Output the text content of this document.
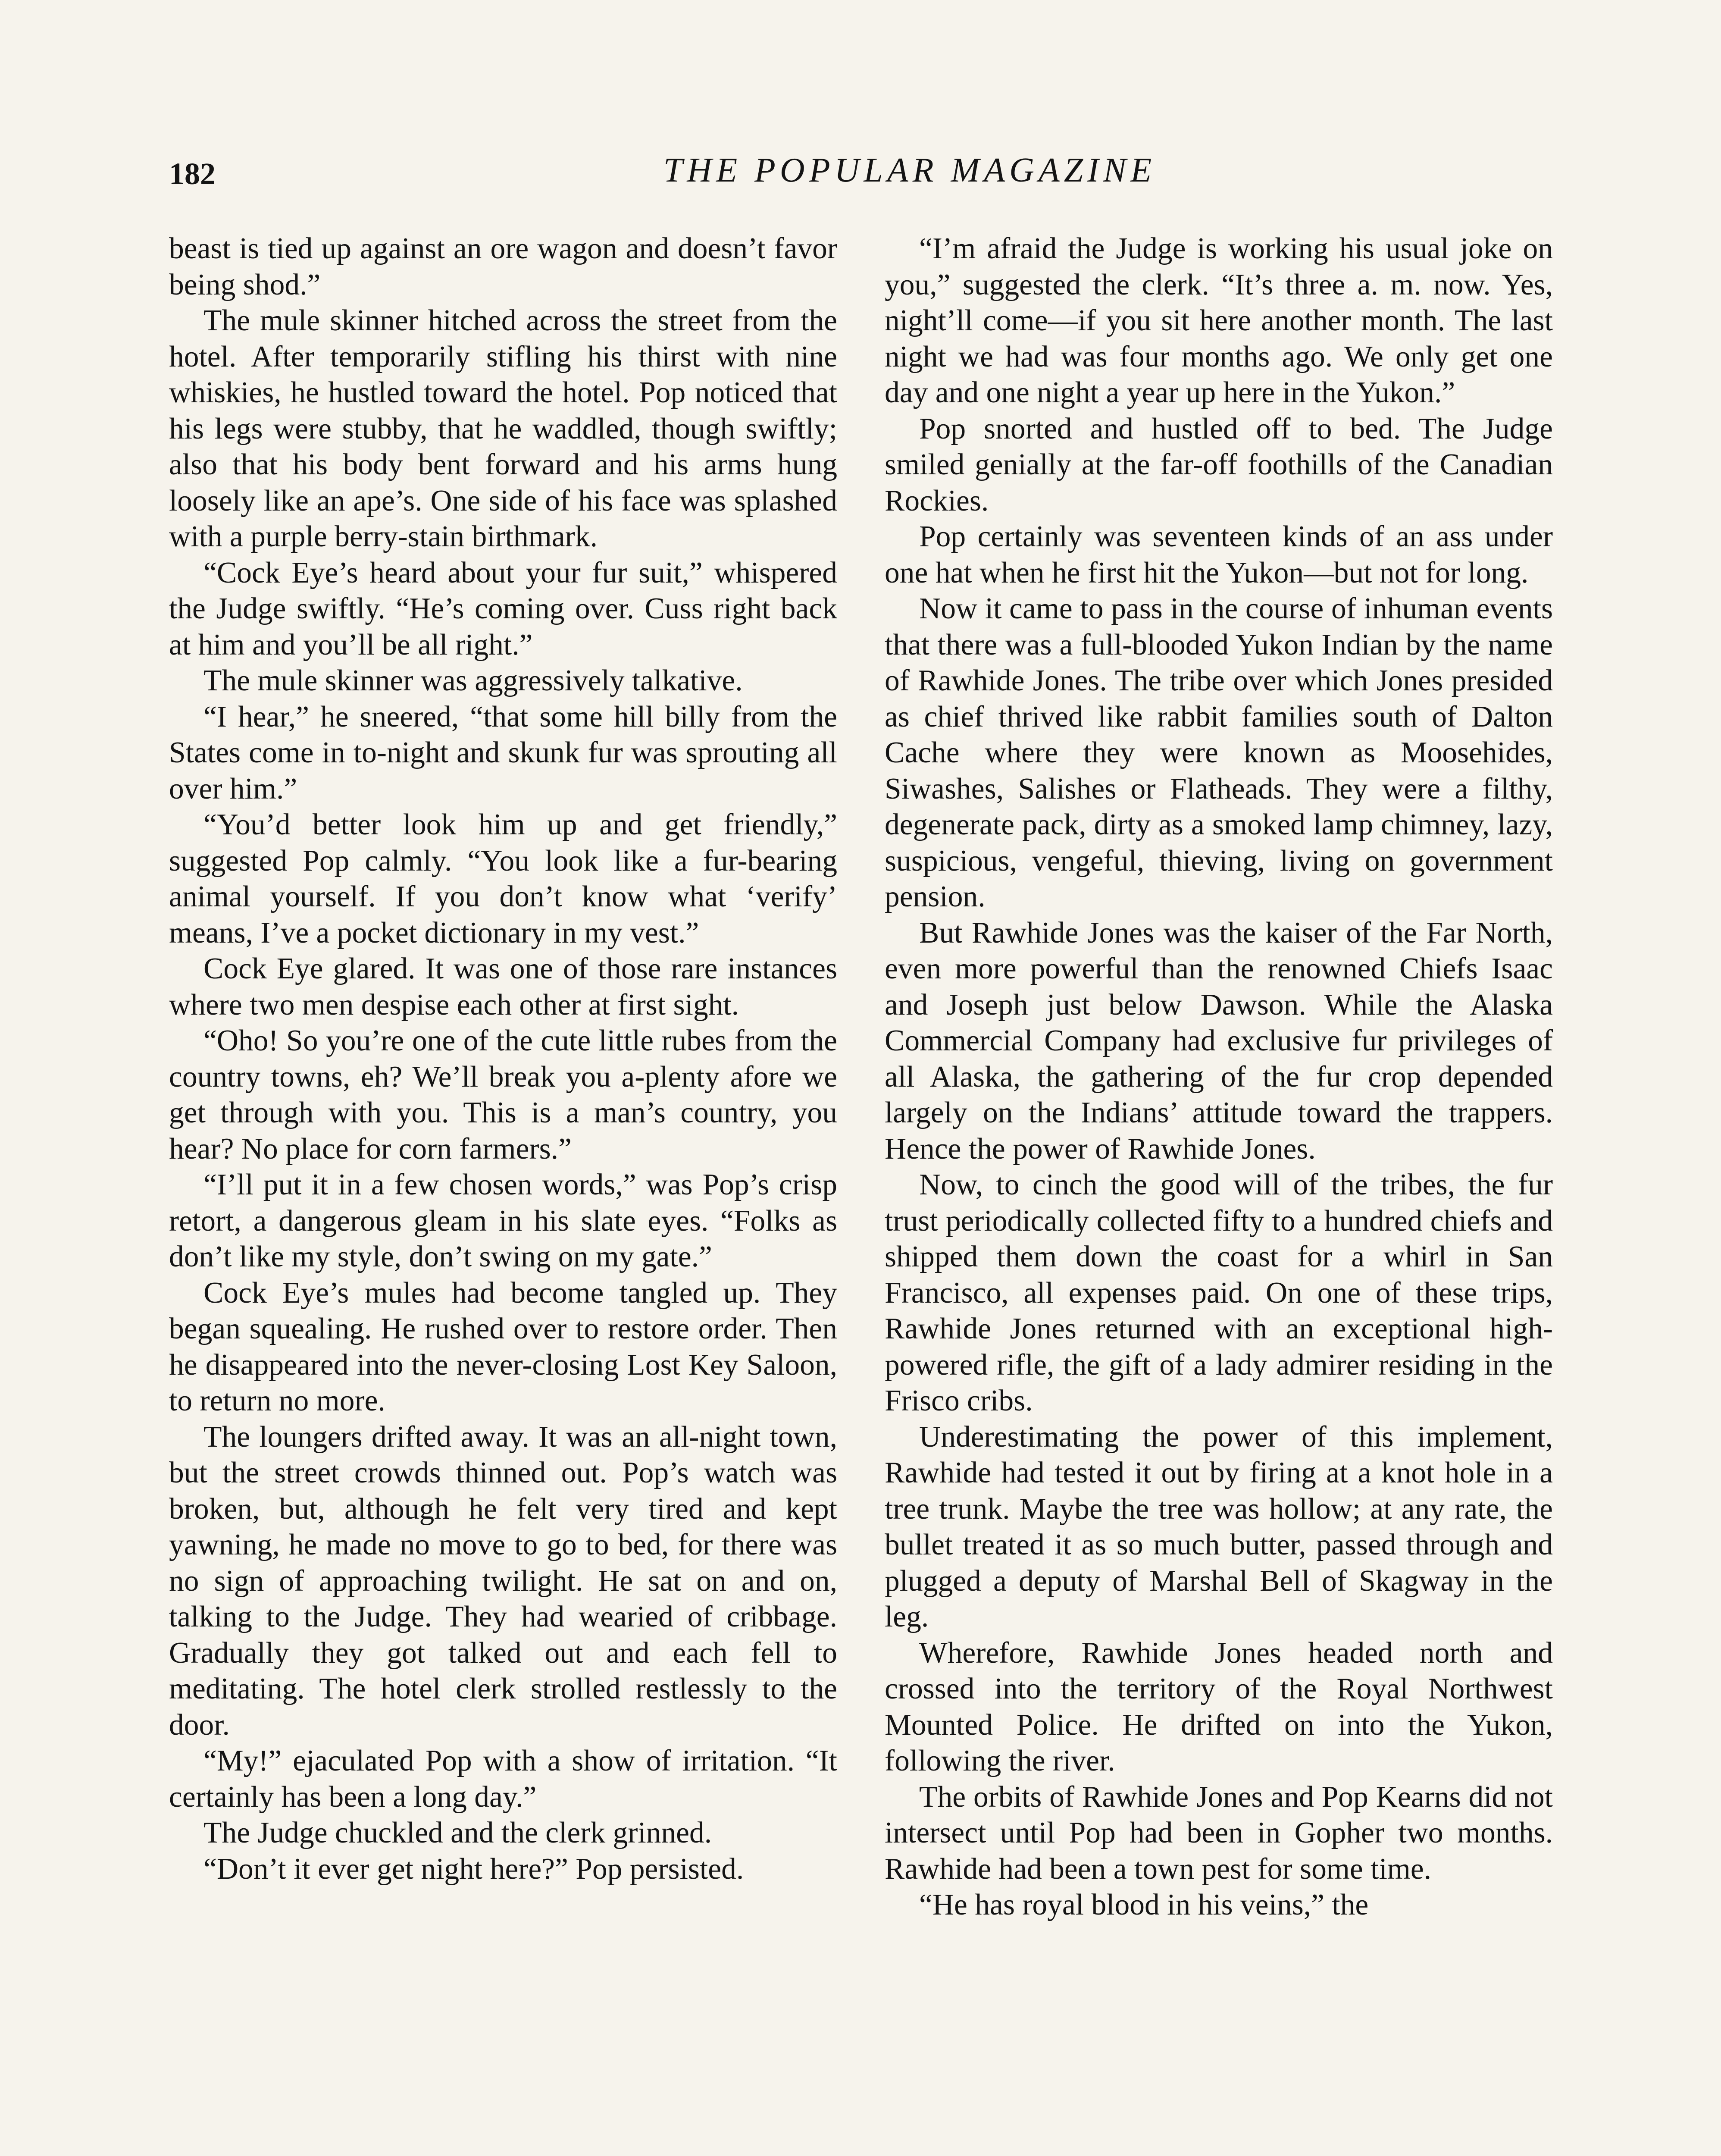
182	THE POPULAR MAGAZINE

beast is tied up against an ore wagon and doesn’t favor being shod.”

The mule skinner hitched across the street from the hotel. After temporarily stifling his thirst with nine whiskies, he hustled toward the hotel. Pop noticed that his legs were stubby, that he waddled, though swiftly; also that his body bent forward and his arms hung loosely like an ape’s. One side of his face was splashed with a purple berry-stain birthmark.

“Cock Eye’s heard about your fur suit,” whispered the Judge swiftly. “He’s coming over. Cuss right back at him and you’ll be all right.”

The mule skinner was aggressively talkative.

“I hear,” he sneered, “that some hill billy from the States come in to-night and skunk fur was sprouting all over him.”

“You’d better look him up and get friendly,” suggested Pop calmly. “You look like a fur-bearing animal yourself. If you don’t know what ‘verify’ means, I’ve a pocket dictionary in my vest.”

Cock Eye glared. It was one of those rare instances where two men despise each other at first sight.

“Oho! So you’re one of the cute little rubes from the country towns, eh? We’ll break you a-plenty afore we get through with you. This is a man’s country, you hear? No place for corn farmers.”

“I’ll put it in a few chosen words,” was Pop’s crisp retort, a dangerous gleam in his slate eyes. “Folks as don’t like my style, don’t swing on my gate.”

Cock Eye’s mules had become tangled up. They began squealing. He rushed over to restore order. Then he disappeared into the never-closing Lost Key Saloon, to return no more.

The loungers drifted away. It was an all-night town, but the street crowds thinned out. Pop’s watch was broken, but, although he felt very tired and kept yawning, he made no move to go to bed, for there was no sign of approaching twilight. He sat on and on, talking to the Judge. They had wearied of cribbage. Gradually they got talked out and each fell to meditating. The hotel clerk strolled restlessly to the door.

“My!” ejaculated Pop with a show of irritation. “It certainly has been a long day.”

The Judge chuckled and the clerk grinned.

“Don’t it ever get night here?” Pop persisted.

“I’m afraid the Judge is working his usual joke on you,” suggested the clerk. “It’s three a. m. now. Yes, night’ll come—if you sit here another month. The last night we had was four months ago. We only get one day and one night a year up here in the Yukon.”

Pop snorted and hustled off to bed. The Judge smiled genially at the far-off foothills of the Canadian Rockies.

Pop certainly was seventeen kinds of an ass under one hat when he first hit the Yukon—but not for long.

Now it came to pass in the course of inhuman events that there was a full-blooded Yukon Indian by the name of Rawhide Jones. The tribe over which Jones presided as chief thrived like rabbit families south of Dalton Cache where they were known as Moosehides, Siwashes, Salishes or Flatheads. They were a filthy, degenerate pack, dirty as a smoked lamp chimney, lazy, suspicious, vengeful, thieving, living on government pension.

But Rawhide Jones was the kaiser of the Far North, even more powerful than the renowned Chiefs Isaac and Joseph just below Dawson. While the Alaska Commercial Company had exclusive fur privileges of all Alaska, the gathering of the fur crop depended largely on the Indians’ attitude toward the trappers. Hence the power of Rawhide Jones.

Now, to cinch the good will of the tribes, the fur trust periodically collected fifty to a hundred chiefs and shipped them down the coast for a whirl in San Francisco, all expenses paid. On one of these trips, Rawhide Jones returned with an exceptional high-powered rifle, the gift of a lady admirer residing in the Frisco cribs.

Underestimating the power of this implement, Rawhide had tested it out by firing at a knot hole in a tree trunk. Maybe the tree was hollow; at any rate, the bullet treated it as so much butter, passed through and plugged a deputy of Marshal Bell of Skagway in the leg.

Wherefore, Rawhide Jones headed north and crossed into the territory of the Royal Northwest Mounted Police. He drifted on into the Yukon, following the river.

The orbits of Rawhide Jones and Pop Kearns did not intersect until Pop had been in Gopher two months. Rawhide had been a town pest for some time.

“He has royal blood in his veins,” the
